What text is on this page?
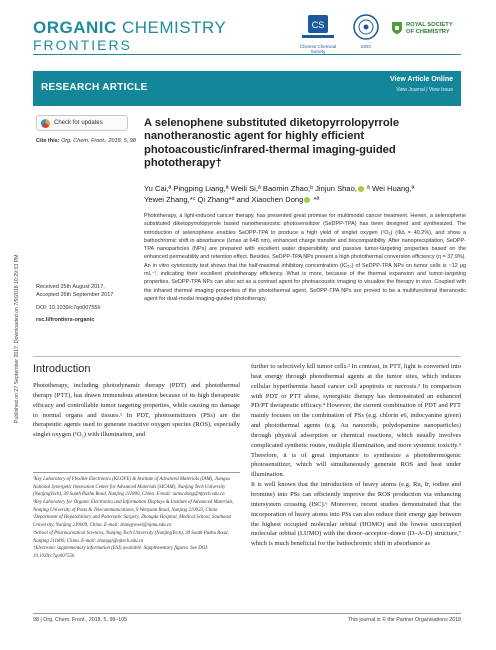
Published on 27 September 2017. Downloaded on 7/9/2018 10:29:33 PM.
ORGANIC CHEMISTRY
FRONTIERS
CS
Chinese Chemical Society
SIOC
ROYAL SOCIETY
OF CHEMISTRY
RESEARCH ARTICLE
View Article Online
View Journal | View Issue
Check for updates
Cite this: Org. Chem. Front., 2018, 5, 98
A selenophene substituted diketopyrrolopyrrole nanotheranostic agent for highly efficient photoacoustic/infrared-thermal imaging-guided phototherapy†
Yu Cai,ª Pingping Liang,ª Weili Si,ª Baomin Zhao,ᵇ Jinjun Shao, ª Wei Huang,ª
Yewei Zhang,*ᶜ Qi Zhang*ᵈ and Xiaochen Dong *ª
Phototherapy, a light-induced cancer therapy, has presented great promise for multimodal cancer treatment. Herein, a selenophene substituted diketopyrrolopyrrole based nanotheranostic photosensitizer (SeDPP-TPA) has been designed and synthesized. The introduction of selenophene enables SeDPP-TPA to produce a high yield of singlet oxygen (¹O₂) (Φ∆ = 40.2%), and show a bathochromic shift in absorbance (λmax at 648 nm), enhanced charge transfer and biocompatibility. After nanoprecipitation, SeDPP-TPA nanoparticles (NPs) are prepared with excellent water dispersibility and passive tumor-targeting properties based on the enhanced permeability and retention effect. Besides, SeDPP-TPA NPs present a high photothermal conversion efficiency (η = 37.9%). An in vitro cytotoxicity test shows that the half-maximal inhibitory concentration (IC₅₀) of SeDPP-TPA NPs on tumor cells is ~12 μg mL⁻¹, indicating their excellent phototherapy efficiency. What is more, because of the thermal expansion and tumor-targeting properties, SeDPP-TPA NPs can also act as a contrast agent for photoacoustic imaging to visualize the therapy in vivo. Coupled with the infrared thermal imaging properties of the photothermal agent, SeDPP-TPA NPs are proved to be a multifunctional theranostic agent for dual-modal imaging-guided phototherapy.
Received 25th August 2017,
Accepted 26th September 2017
DOI: 10.1039/c7qo00755h
rsc.li/frontiers-organic
Introduction
Phototherapy, including photodynamic therapy (PDT) and photothermal therapy (PTT), has drawn tremendous attention because of its high therapeutic efficacy and controllable tumor targeting properties, while causing no damage to normal organs and tissues.¹ In PDT, photosensitizers (PSs) are the therapeutic agents used to generate reactive oxygen species (ROS), especially singlet oxygen (¹O₂) with illumination, and

ªKey Laboratory of Flexible Electronics (KLOFE) & Institute of Advanced Materials (IAM), Jiangsu National Synergetic Innovation Center for Advanced Materials (SICAM), Nanjing Tech University (NanjingTech), 30 South Puzhu Road, Nanjing 211800, China. E-mail: iamxcdong@njtech.edu.cn

ᵇKey Laboratory for Organic Electronics and Information Displays & Institute of Advanced Materials, Nanjing University of Posts & Telecommunications, 9 Wenyuan Road, Nanjing 210023, China

ᶜDepartment of Hepatobiliary and Pancreatic Surgery, Zhongda Hospital, Medical School, Southeast University, Nanjing 210009, China. E-mail: zhangyewei@njmu.edu.cn

ᵈSchool of Pharmaceutical Sciences, Nanjing Tech University (NanjingTech), 30 South Puzhu Road, Nanjing 211800, China. E-mail: zhangqi@njtech.edu.cn

†Electronic supplementary information (ESI) available: Supplementary figures. See DOI: 10.1039/c7qo00755h

further to selectively kill tumor cells.² In contrast, in PTT, light is converted into heat energy through photothermal agents at the tumor sites, which induces cellular hyperthermia based cancer cell apoptosis or necrosis.³ In comparison with PDT or PTT alone, synergistic therapy has demonstrated an enhanced PD/PT therapeutic efficacy.⁴ However, the current combination of PDT and PTT mainly focuses on the combination of PSs (e.g. chlorin e6, indocyanine green) and photothermal agents (e.g. Au nanorods, polydopamine nanoparticles) through physical adsorption or chemical reactions, which usually involves complicated synthetic routes, multiple illumination, and more systemic toxicity.⁵ Therefore, it is of great importance to synthesize a photothermogenic photosensitizer, which will simultaneously generate ROS and heat under illumination.
It is well known that the introduction of heavy atoms (e.g. Ru, Ir, iodine and bromine) into PSs can efficiently improve the ROS production via enhancing intersystem crossing (ISC).⁶ Moreover, recent studies demonstrated that the incorporation of heavy atoms into PSs can also reduce their energy gap between the highest occupied molecular orbital (HOMO) and the lowest unoccupied molecular orbital (LUMO) with the donor–acceptor–donor (D–A–D) structure,⁷ which is much beneficial for the bathochromic shift in absorbance as
98 | Org. Chem. Front., 2018, 5, 98–105	This journal is © the Partner Organisations 2018
